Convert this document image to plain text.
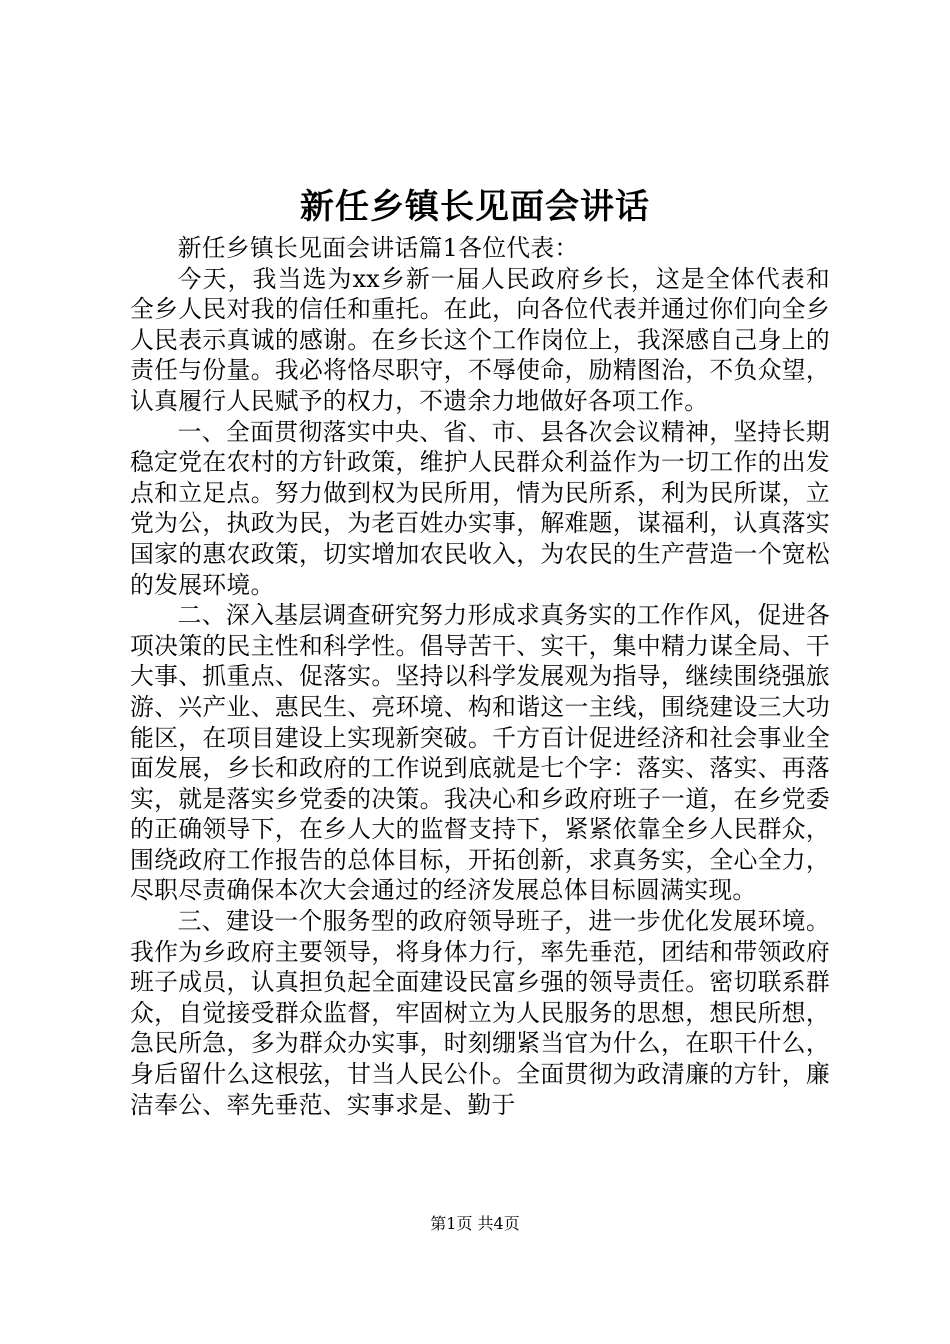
新任乡镇长见面会讲话

新任乡镇长见面会讲话篇1各位代表：

今天，我当选为xx乡新一届人民政府乡长，这是全体代表和全乡人民对我的信任和重托。在此，向各位代表并通过你们向全乡人民表示真诚的感谢。在乡长这个工作岗位上，我深感自己身上的责任与份量。我必将恪尽职守，不辱使命，励精图治，不负众望，认真履行人民赋予的权力，不遗余力地做好各项工作。

一、全面贯彻落实中央、省、市、县各次会议精神，坚持长期稳定党在农村的方针政策，维护人民群众利益作为一切工作的出发点和立足点。努力做到权为民所用，情为民所系，利为民所谋，立党为公，执政为民，为老百姓办实事，解难题，谋福利，认真落实国家的惠农政策，切实增加农民收入，为农民的生产营造一个宽松的发展环境。

二、深入基层调查研究努力形成求真务实的工作作风，促进各项决策的民主性和科学性。倡导苦干、实干，集中精力谋全局、干大事、抓重点、促落实。坚持以科学发展观为指导，继续围绕强旅游、兴产业、惠民生、亮环境、构和谐这一主线，围绕建设三大功能区，在项目建设上实现新突破。千方百计促进经济和社会事业全面发展，乡长和政府的工作说到底就是七个字：落实、落实、再落实，就是落实乡党委的决策。我决心和乡政府班子一道，在乡党委的正确领导下，在乡人大的监督支持下，紧紧依靠全乡人民群众，围绕政府工作报告的总体目标，开拓创新，求真务实，全心全力，尽职尽责确保本次大会通过的经济发展总体目标圆满实现。

三、建设一个服务型的政府领导班子，进一步优化发展环境。我作为乡政府主要领导，将身体力行，率先垂范，团结和带领政府班子成员，认真担负起全面建设民富乡强的领导责任。密切联系群众，自觉接受群众监督，牢固树立为人民服务的思想，想民所想，急民所急，多为群众办实事，时刻绷紧当官为什么，在职干什么，身后留什么这根弦，甘当人民公仆。全面贯彻为政清廉的方针，廉洁奉公、率先垂范、实事求是、勤于

第1页 共4页
